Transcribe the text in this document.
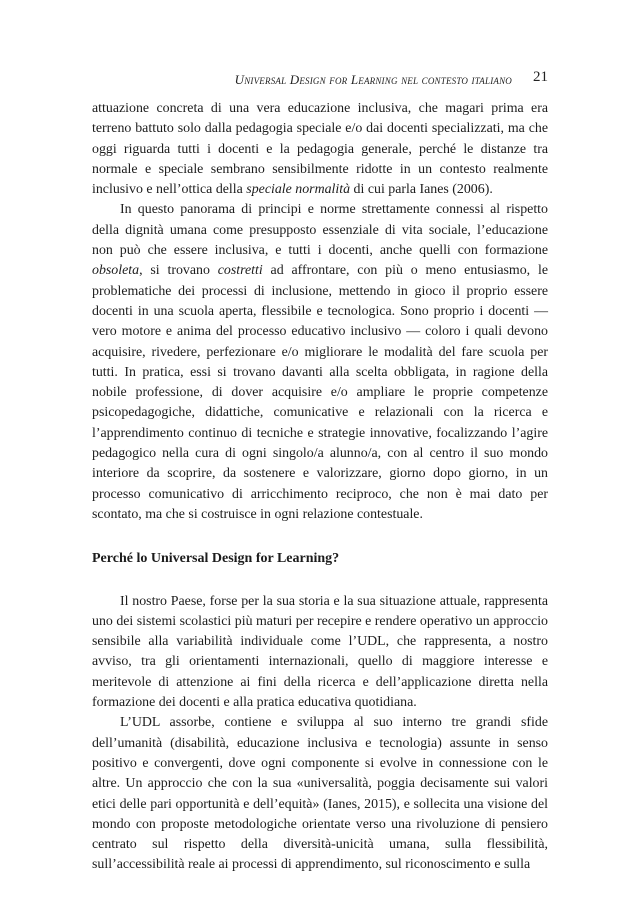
Universal Design for Learning nel contesto italiano 21

attuazione concreta di una vera educazione inclusiva, che magari prima era terreno battuto solo dalla pedagogia speciale e/o dai docenti specializzati, ma che oggi riguarda tutti i docenti e la pedagogia generale, perché le distanze tra normale e speciale sembrano sensibilmente ridotte in un contesto realmente inclusivo e nell’ottica della speciale normalità di cui parla Ianes (2006).

In questo panorama di principi e norme strettamente connessi al rispetto della dignità umana come presupposto essenziale di vita sociale, l’educazione non può che essere inclusiva, e tutti i docenti, anche quelli con formazione obsoleta, si trovano costretti ad affrontare, con più o meno entusiasmo, le problematiche dei processi di inclusione, mettendo in gioco il proprio essere docenti in una scuola aperta, flessibile e tecnologica. Sono proprio i docenti — vero motore e anima del processo educativo inclusivo — coloro i quali devono acquisire, rivedere, perfezionare e/o migliorare le modalità del fare scuola per tutti. In pratica, essi si trovano davanti alla scelta obbligata, in ragione della nobile professione, di dover acquisire e/o ampliare le proprie competenze psicopedagogiche, didattiche, comunicative e relazionali con la ricerca e l’apprendimento continuo di tecniche e strategie innovative, focalizzando l’agire pedagogico nella cura di ogni singolo/a alunno/a, con al centro il suo mondo interiore da scoprire, da sostenere e valorizzare, giorno dopo giorno, in un processo comunicativo di arricchimento reciproco, che non è mai dato per scontato, ma che si costruisce in ogni relazione contestuale.

Perché lo Universal Design for Learning?

Il nostro Paese, forse per la sua storia e la sua situazione attuale, rappresenta uno dei sistemi scolastici più maturi per recepire e rendere operativo un approccio sensibile alla variabilità individuale come l’UDL, che rappresenta, a nostro avviso, tra gli orientamenti internazionali, quello di maggiore interesse e meritevole di attenzione ai fini della ricerca e dell’applicazione diretta nella formazione dei docenti e alla pratica educativa quotidiana.

L’UDL assorbe, contiene e sviluppa al suo interno tre grandi sfide dell’umanità (disabilità, educazione inclusiva e tecnologia) assunte in senso positivo e convergenti, dove ogni componente si evolve in connessione con le altre. Un approccio che con la sua «universalità, poggia decisamente sui valori etici delle pari opportunità e dell’equità» (Ianes, 2015), e sollecita una visione del mondo con proposte metodologiche orientate verso una rivoluzione di pensiero centrato sul rispetto della diversità-unicità umana, sulla flessibilità, sull’accessibilità reale ai processi di apprendimento, sul riconoscimento e sulla
